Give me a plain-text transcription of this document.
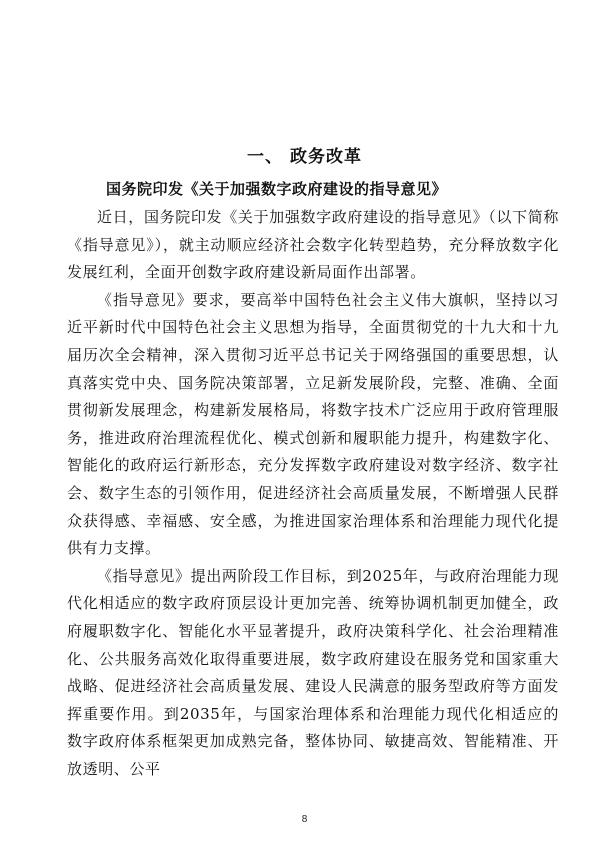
一、 政务改革
国务院印发《关于加强数字政府建设的指导意见》

近日，国务院印发《关于加强数字政府建设的指导意见》（以下简称《指导意见》），就主动顺应经济社会数字化转型趋势，充分释放数字化发展红利，全面开创数字政府建设新局面作出部署。

《指导意见》要求，要高举中国特色社会主义伟大旗帜，坚持以习近平新时代中国特色社会主义思想为指导，全面贯彻党的十九大和十九届历次全会精神，深入贯彻习近平总书记关于网络强国的重要思想，认真落实党中央、国务院决策部署，立足新发展阶段，完整、准确、全面贯彻新发展理念，构建新发展格局，将数字技术广泛应用于政府管理服务，推进政府治理流程优化、模式创新和履职能力提升，构建数字化、智能化的政府运行新形态，充分发挥数字政府建设对数字经济、数字社会、数字生态的引领作用，促进经济社会高质量发展，不断增强人民群众获得感、幸福感、安全感，为推进国家治理体系和治理能力现代化提供有力支撑。

《指导意见》提出两阶段工作目标，到2025年，与政府治理能力现代化相适应的数字政府顶层设计更加完善、统筹协调机制更加健全，政府履职数字化、智能化水平显著提升，政府决策科学化、社会治理精准化、公共服务高效化取得重要进展，数字政府建设在服务党和国家重大战略、促进经济社会高质量发展、建设人民满意的服务型政府等方面发挥重要作用。到2035年，与国家治理体系和治理能力现代化相适应的数字政府体系框架更加成熟完备，整体协同、敏捷高效、智能精准、开放透明、公平

8
